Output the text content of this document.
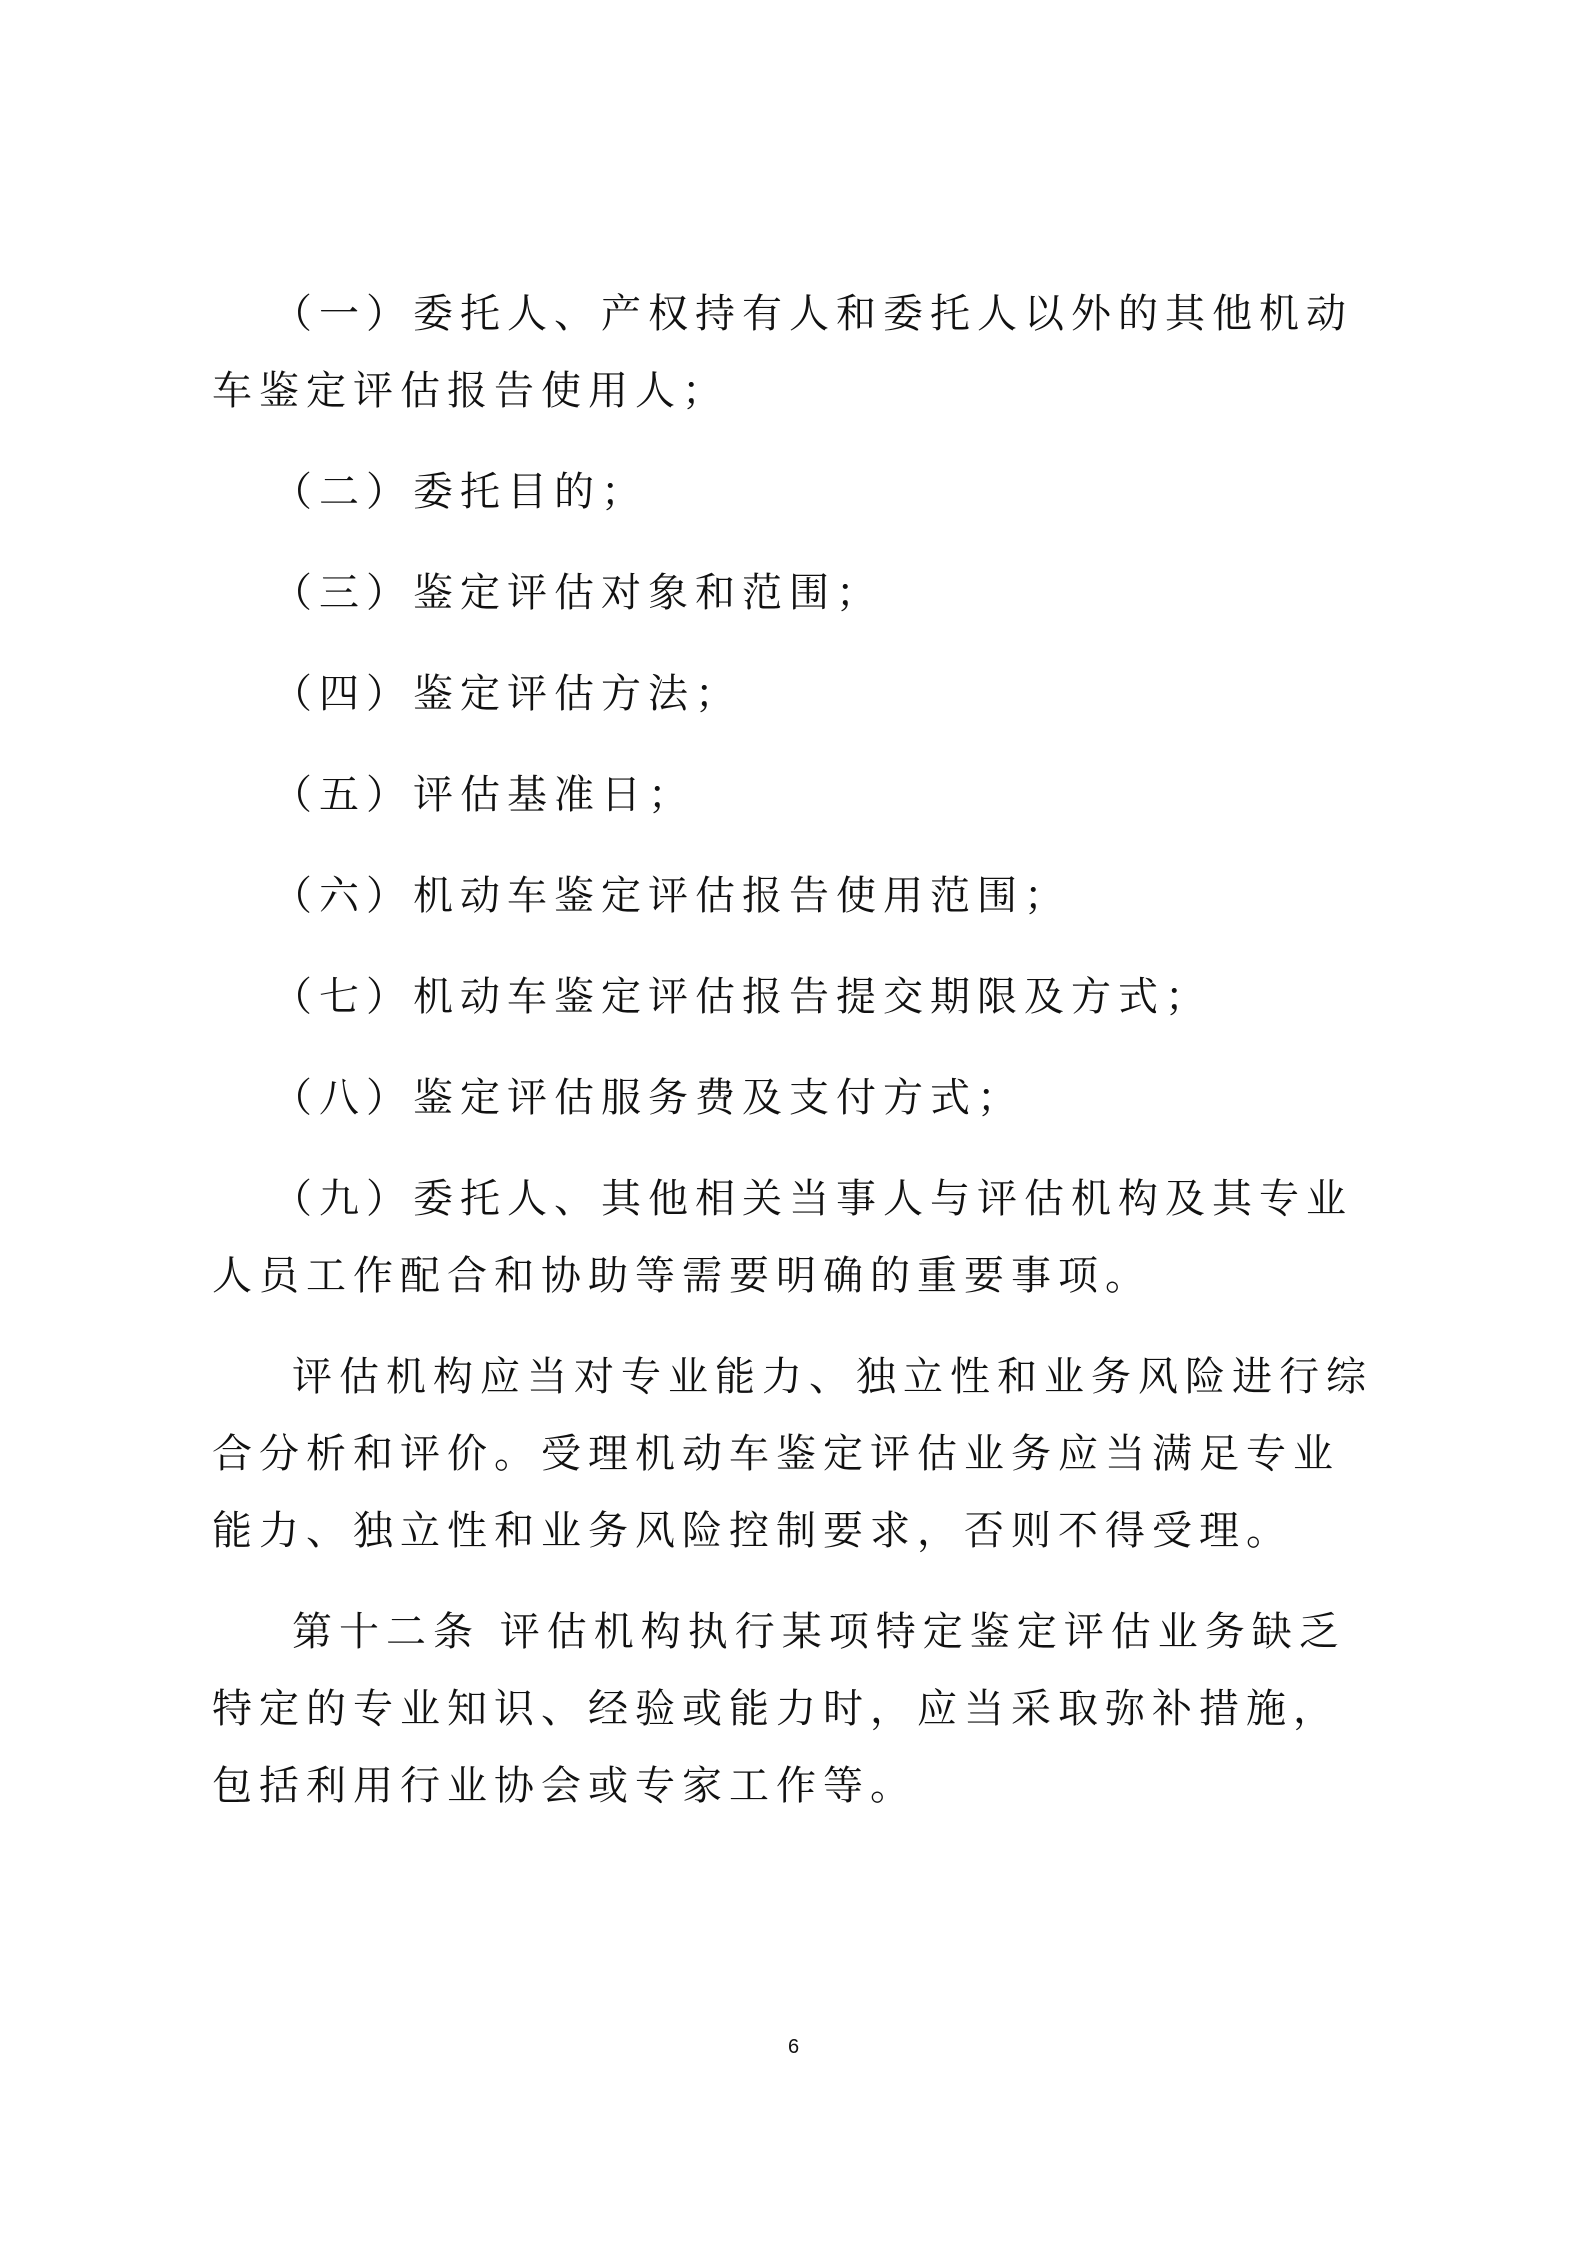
（一）委托人、产权持有人和委托人以外的其他机动车鉴定评估报告使用人；

（二）委托目的；

（三）鉴定评估对象和范围；

（四）鉴定评估方法；

（五）评估基准日；

（六）机动车鉴定评估报告使用范围；

（七）机动车鉴定评估报告提交期限及方式；

（八）鉴定评估服务费及支付方式；

（九）委托人、其他相关当事人与评估机构及其专业人员工作配合和协助等需要明确的重要事项。

评估机构应当对专业能力、独立性和业务风险进行综合分析和评价。受理机动车鉴定评估业务应当满足专业能力、独立性和业务风险控制要求，否则不得受理。

第十二条 评估机构执行某项特定鉴定评估业务缺乏特定的专业知识、经验或能力时，应当采取弥补措施，包括利用行业协会或专家工作等。

6
